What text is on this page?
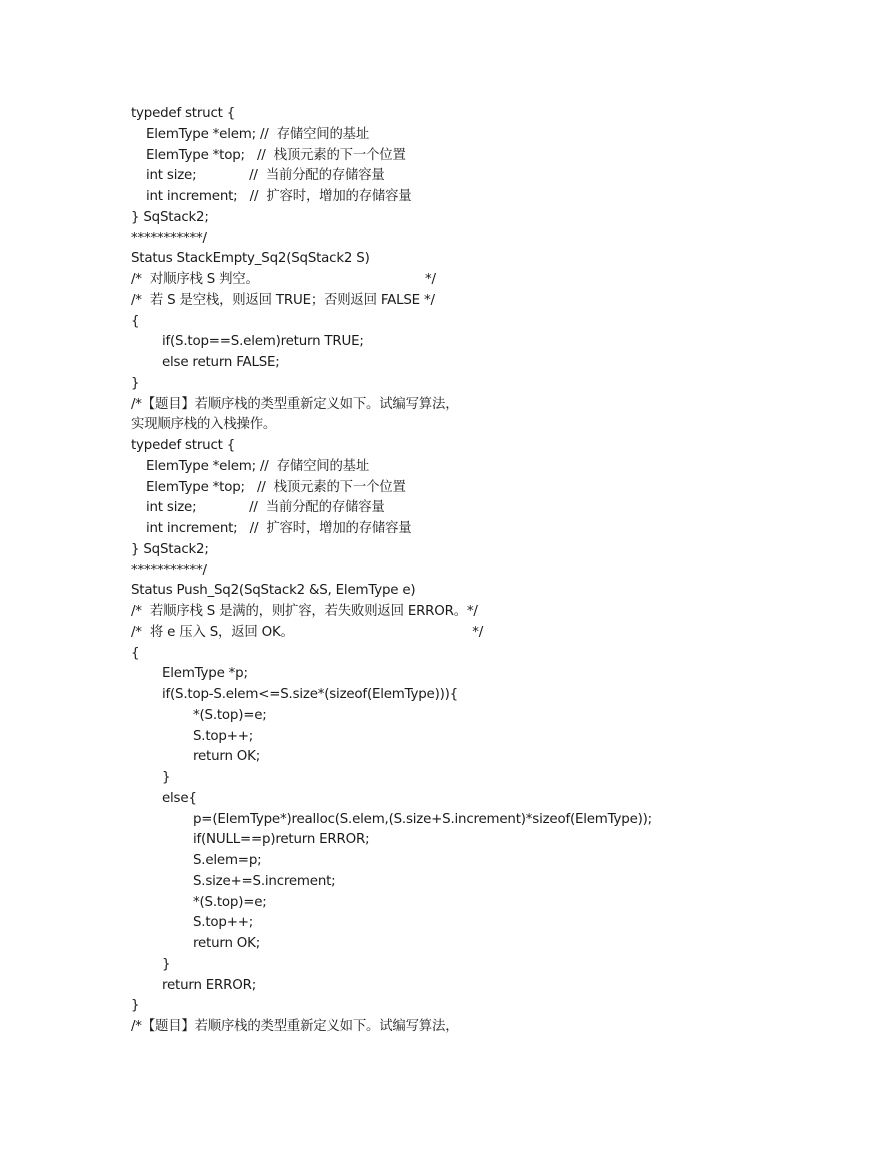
typedef struct {
ElemType *elem; //  存储空间的基址
ElemType *top;   //  栈顶元素的下一个位置
int size;             //  当前分配的存储容量
int increment;   //  扩容时，增加的存储容量
} SqStack2;
***********/
Status StackEmpty_Sq2(SqStack2 S)
/*  对顺序栈 S 判空。                                         */
/*  若 S 是空栈，则返回 TRUE；否则返回 FALSE */
{
if(S.top==S.elem)return TRUE;
else return FALSE;
}
/*【题目】若顺序栈的类型重新定义如下。试编写算法，
实现顺序栈的入栈操作。
typedef struct {
ElemType *elem; //  存储空间的基址
ElemType *top;   //  栈顶元素的下一个位置
int size;             //  当前分配的存储容量
int increment;   //  扩容时，增加的存储容量
} SqStack2;
***********/
Status Push_Sq2(SqStack2 &S, ElemType e)
/*  若顺序栈 S 是满的，则扩容，若失败则返回 ERROR。*/
/*  将 e 压入 S，返回 OK。                                            */
{
ElemType *p;
if(S.top-S.elem<=S.size*(sizeof(ElemType))){
*(S.top)=e;
S.top++;
return OK;
}
else{
p=(ElemType*)realloc(S.elem,(S.size+S.increment)*sizeof(ElemType));
if(NULL==p)return ERROR;
S.elem=p;
S.size+=S.increment;
*(S.top)=e;
S.top++;
return OK;
}
return ERROR;
}
/*【题目】若顺序栈的类型重新定义如下。试编写算法，
